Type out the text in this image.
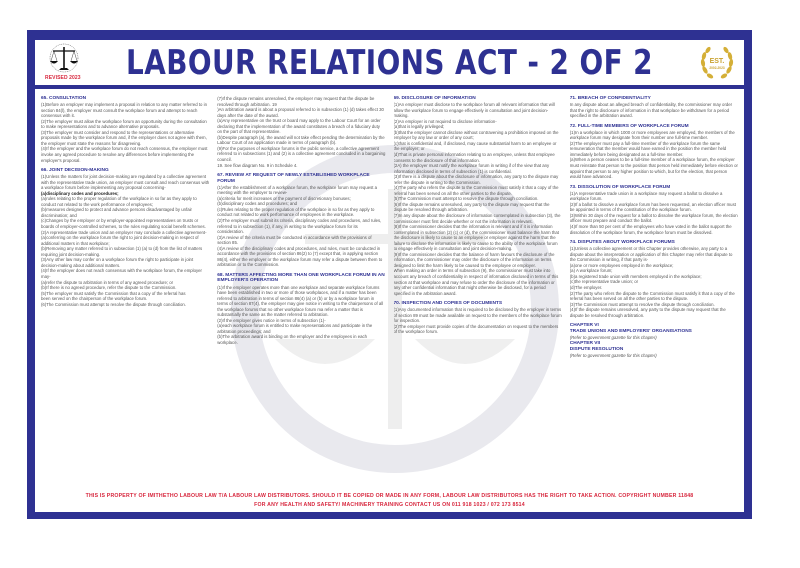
REVISED 2023	LABOUR RELATIONS ACT - 2 OF 2	EST.
2002-2023

65. CONSULTATION

(1)Before an employer may implement a proposal in relation to any matter referred to in section 84(l), the employer must consult the workplace forum and attempt to reach consensus with it.

(2)The employer must allow the workplace forum an opportunity during the consultation to make representations and to advance alternative proposals.

(3)The employer must consider and respond to the representations or alternative proposals made by the workplace forum and, if the employer does not agree with them, the employer must state the reasons for disagreeing.

(4)If the employer and the workplace forum do not reach consensus, the employer must invoke any agreed procedure to resolve any differences before implementing the employer's proposal.

66. JOINT DECISION-MAKING

(1)Unless the matters for joint decision-making are regulated by a collective agreement with the representative trade union, an employer must consult and reach consensus with a workplace forum before implementing any proposal concerning-

(a)disciplinary codes and procedures;

(a)rules relating to the proper regulation of the workplace in so far as they apply to conduct not related to the work performance of employees;

(b)measures designed to protect and advance persons disadvantaged by unfair discrimination; and

(c)Changes by the employer or by employer-appointed representatives on trusts or boards of employer-controlled schemes, to the rules regulating social benefit schemes.

(2)A representative trade union and an employer may conclude a collective agreement-

(a)conferring on the workplace forum the right to joint decision-making in respect of additional matters in that workplace;

(b)Removing any matter referred to in subsection (1) (a) to (d) from the list of matters requiring joint decision-making.

(3)Any other law may confer on a workplace forum the right to participate in joint decision-making about additional matters.

(4)If the employer does not reach consensus with the workplace forum, the employer may-

(a)refer the dispute to arbitration in terms of any agreed procedure; or

(b)If there is no agreed procedure, refer the dispute to the Commission.

(5)The employer must satisfy the Commission that a copy of the referral has

been served on the chairperson of the workplace forum.

(6)The Commission must attempt to resolve the dispute through conciliation.

(7)If the dispute remains unresolved, the employer may request that the dispute be resolved through arbitration. 19

)An arbitration award is about a proposal referred to in subsection (1) (d) takes effect 30 days after the date of the award.

(a)Any representative on the trust or board may apply to the Labour Court for an order declaring that the implementation of the award constitutes a breach of a fiduciary duty on the part of that representative.

(b)Despite paragraph (a), the award will not take effect pending the determination by the Labour Court of an application made in terms of paragraph (b).

(9)For the purposes of workplace forums in the public service, a collective agreement referred to in subsections (1) and (2) is a collective agreement concluded in a bargaining council.

19. See flow diagram No. 9 in Schedule 4.

67. REVIEW AT REQUEST OF NEWLY ESTABLISHED WORKPLACE FORUM

(1)After the establishment of a workplace forum, the workplace forum may request a meeting with the employer to review-

(a)criteria for merit increases or the payment of discretionary bonuses;

(b)disciplinary codes and procedures; and

(c)Rules relating to the proper regulation of the workplace in so far as they apply to conduct not related to work performance of employees in the workplace.

(2)The employer must submit its criteria, disciplinary codes and procedures, and rules, referred to in subsection (1), if any, in writing to the workplace forum for its consideration.

(3)A review of the criteria must be conducted in accordance with the provisions of section 85.

(4)A review of the disciplinary codes and procedures, and rules, must be conducted in accordance with the provisions of section 86(2) to (7) except that, in applying section 86(4), either the employer or the workplace forum may refer a dispute between them to arbitration or to the Commission.

68. MATTERS AFFECTING MORE THAN ONE WORKPLACE FORUM IN AN EMPLOYER'S OPERATION

(1)If the employer operates more than one workplace and separate workplace forums have been established in two or more of those workplaces, and if a matter has been referred to arbitration in terms of section 86(4) (a) or (b) or by a workplace forum in terms of section 87(4), the employer may give notice in writing to the chairpersons of all the workplace forums that no other workplace forum ma refer a matter that is substantially the same as the matter referred to arbitration.

(2)If the employer gives notice in terms of subsection (1)-

(a)each workplace forum is entitled to make representations and participate in the arbitration proceedings; and

(b)The arbitration award is binding on the employer and the employees in each workplace.

69. DISCLOSURE OF INFORMATION

(1)An employer must disclose to the workplace forum all relevant information that will allow the workplace forum to engage effectively in consultation and joint decision-making.

(2)An employer is not required to disclose information-

(a)that is legally privileged;

(b)that the employer cannot disclose without contravening a prohibition imposed on the employer by any law or order of any court;

(c)that is confidential and, if disclosed, may cause substantial harm to an employee or the employer; or

(d)That is private personal information relating to an employee, unless that employee consents to the disclosure of that information.

(2A) the employer must notify the workplace forum in writing if of the view that any information disclosed in terms of subsection (1) is confidential.

(3)If there is a dispute about the disclosure of information, any party to the dispute may refer the dispute in writing to the Commission.

(4)The party who refers the dispute to the Commission must satisfy it that a copy of the referral has been served on all the other parties to the dispute.

(5)The Commission must attempt to resolve the dispute through conciliation.

(6)If the dispute remains unresolved, any party to the dispute may request that the dispute be resolved through arbitration.

(7)In any dispute about the disclosure of information contemplated in subsection (3), the commissioner must first decide whether or not the information is relevant.

(8)If the commissioner decides that the information is relevant and if it is information contemplated in subsection (2) (c) or (d), the commissioner must balance the harm that the disclosure is likely to cause to an employee or employer against the harm that the failure to disclose the information is likely to cause to the ability of the workplace forum to engage effectively in consultation and joint decision-making.

(9)If the commissioner decides that the balance of harm favours the disclosure of the information, the commissioner may order the disclosure of the information on terms designed to limit the harm likely to be caused to the employee or employer.

When making an order in terms of subsection (9), the commissioner must take into account any breach of confidentiality in respect of information disclosed in terms of this section at that workplace and may refuse to order the disclosure of the information or any other confidential information that might otherwise be disclosed, for a period specified in the arbitration award.

70. INSPECTION AND COPIES OF DOCUMENTS

(1)Any documented information that is required to be disclosed by the employer in terms of section 89 must be made available on request to the members of the workplace forum for inspection.

(2)The employer must provide copies of the documentation on request to the members of the workplace forum.

71. BREACH OF CONFIDENTIALITY

In any dispute about an alleged breach of confidentiality, the commissioner may order that the right to disclosure of information in that workplace be withdrawn for a period specified in the arbitration award.

72. FULL-TIME MEMBERS OF WORKPLACE FORUM

(1)In a workplace in which 1000 or more employees are employed, the members of the workplace forum may designate from their number one full-time member.

(2)The employer must pay a full-time member of the workplace forum the same remuneration that the member would have earned in the position the member held immediately before being designated as a full-time member.

(a)When a person ceases to be a full-time member of a workplace forum, the employer must reinstate that person to the position that person held immediately before election or appoint that person to any higher position to which, but for the election, that person would have advanced.

73. DISSOLUTION OF WORKPLACE FORUM

(1)A representative trade union in a workplace may request a ballot to dissolve a workplace forum.

(2)If a ballot to dissolve a workplace forum has been requested, an election officer must be appointed in terms of the constitution of the workplace forum.

(3)Within 30 days of the request for a ballot to dissolve the workplace forum, the election officer must prepare and conduct the ballot.

(4)If more than 50 per cent of the employees who have voted in the ballot support the dissolution of the workplace forum, the workplace forum must be dissolved.

74. DISPUTES ABOUT WORKPLACE FORUMS

(1)Unless a collective agreement or this Chapter provides otherwise, any party to a dispute about the interpretation or application of this Chapter may refer that dispute to the Commission in writing, if that party is-

(a)one or more employees employed in the workplace;

(a) A workplace forum;

(b)a registered trade union with members employed in the workplace;

(c)the representative trade union; or

(d)The employer.

(2)The party who refers the dispute to the Commission must satisfy it that a copy of the referral has been served on all the other parties to the dispute.

(3)The Commission must attempt to resolve the dispute through conciliation.

(4)If the dispute remains unresolved, any party to the dispute may request that the dispute be resolved through arbitration.

CHAPTER VI

TRADE UNIONS AND EMPLOYERS' ORGANISATIONS

(Refer to government gazette for this chapter)

CHAPTER VII

DISPUTE RESOLUTION

(Refer to government gazette for this chapter)

THIS IS PROPERTY OF IMITHETHO LABOUR LAW T/A LABOUR LAW DISTRIBUTORS. SHOULD IT BE COPIED OR MADE IN ANY FORM, LABOUR LAW DISTRIBUTORS HAS THE RIGHT TO TAKE ACTION. COPYRIGHT NUMBER 11848
FOR ANY HEALTH AND SAFETY/ MACHINERY TRAINING CONTACT US ON 011 918 1023 / 072 173 8514
